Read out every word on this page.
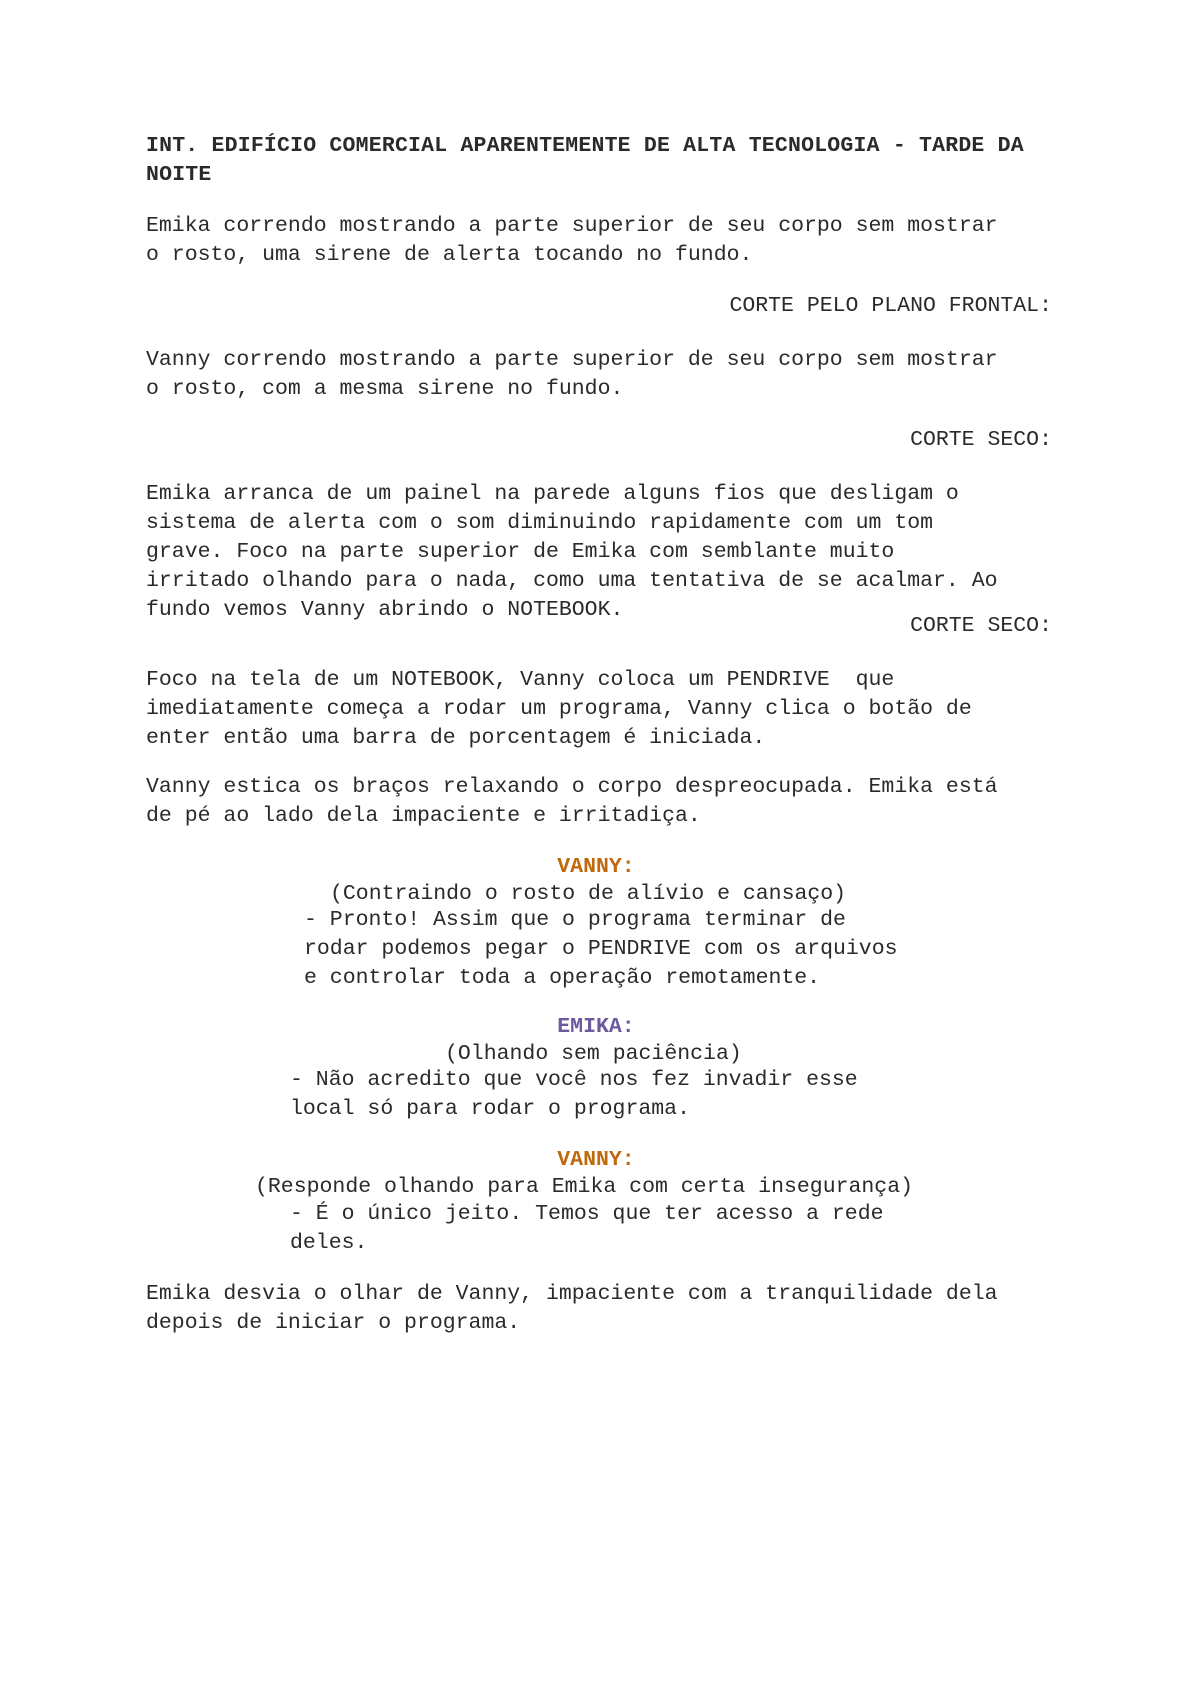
INT. EDIFÍCIO COMERCIAL APARENTEMENTE DE ALTA TECNOLOGIA - TARDE DA
NOITE
Emika correndo mostrando a parte superior de seu corpo sem mostrar
o rosto, uma sirene de alerta tocando no fundo.
CORTE PELO PLANO FRONTAL:
Vanny correndo mostrando a parte superior de seu corpo sem mostrar
o rosto, com a mesma sirene no fundo.
CORTE SECO:
Emika arranca de um painel na parede alguns fios que desligam o
sistema de alerta com o som diminuindo rapidamente com um tom
grave. Foco na parte superior de Emika com semblante muito
irritado olhando para o nada, como uma tentativa de se acalmar. Ao
fundo vemos Vanny abrindo o NOTEBOOK.
CORTE SECO:
Foco na tela de um NOTEBOOK, Vanny coloca um PENDRIVE  que
imediatamente começa a rodar um programa, Vanny clica o botão de
enter então uma barra de porcentagem é iniciada.
Vanny estica os braços relaxando o corpo despreocupada. Emika está
de pé ao lado dela impaciente e irritadiça.
VANNY:
(Contraindo o rosto de alívio e cansaço)
- Pronto! Assim que o programa terminar de
rodar podemos pegar o PENDRIVE com os arquivos
e controlar toda a operação remotamente.
EMIKA:
(Olhando sem paciência)
- Não acredito que você nos fez invadir esse
local só para rodar o programa.
VANNY:
(Responde olhando para Emika com certa insegurança)
- É o único jeito. Temos que ter acesso a rede
deles.
Emika desvia o olhar de Vanny, impaciente com a tranquilidade dela
depois de iniciar o programa.
